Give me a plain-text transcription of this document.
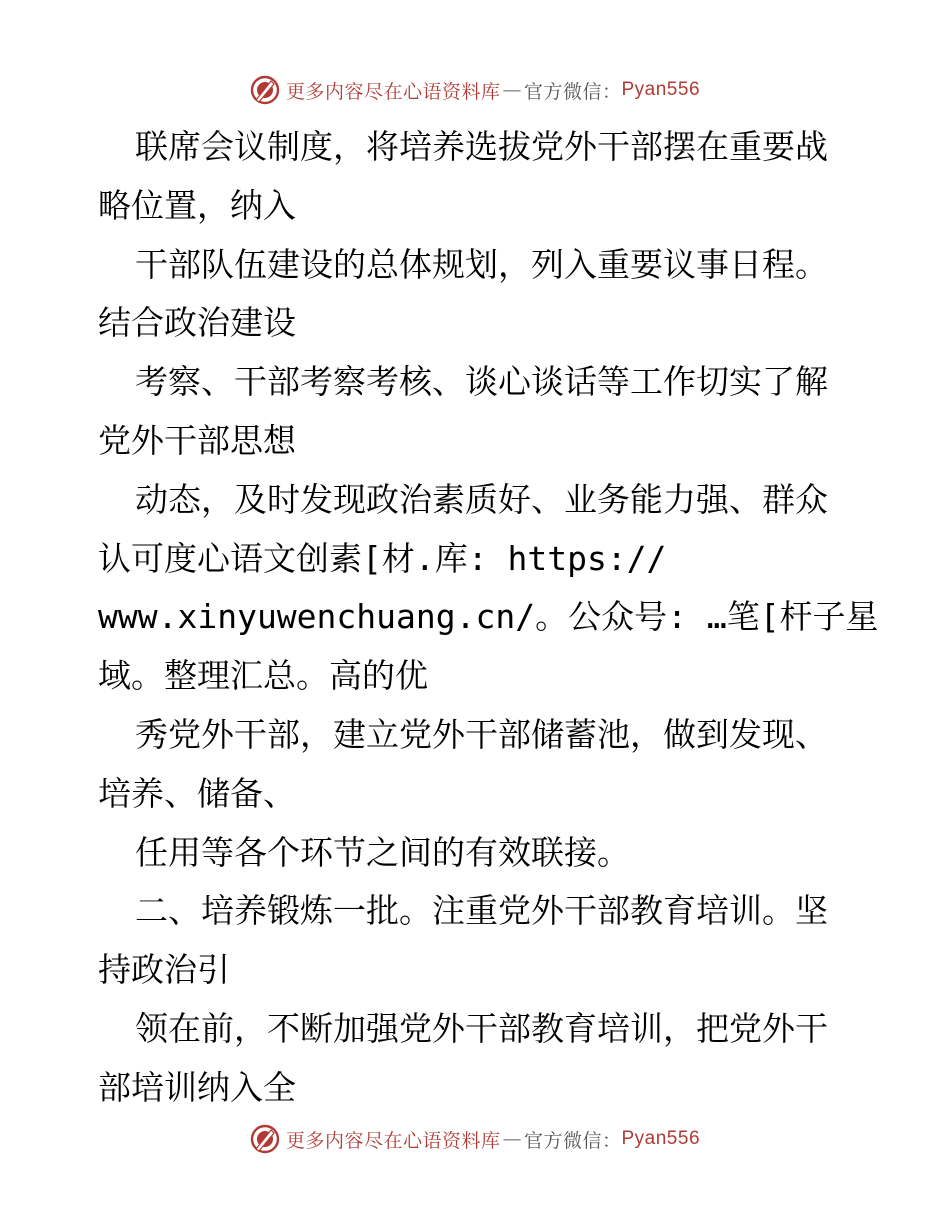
更多内容尽在心语资料库 — 官方微信： Pyan556
联席会议制度，将培养选拔党外干部摆在重要战
略位置，纳入
干部队伍建设的总体规划，列入重要议事日程。
结合政治建设
考察、干部考察考核、谈心谈话等工作切实了解
党外干部思想
动态，及时发现政治素质好、业务能力强、群众
认可度心语文创素[材.库: https://
www.xinyuwenchuang.cn/。公众号: …笔[杆子星
域。整理汇总。高的优
秀党外干部，建立党外干部储蓄池，做到发现、
培养、储备、
任用等各个环节之间的有效联接。
二、培养锻炼一批。注重党外干部教育培训。坚
持政治引
领在前，不断加强党外干部教育培训，把党外干
部培训纳入全
更多内容尽在心语资料库 — 官方微信： Pyan556
